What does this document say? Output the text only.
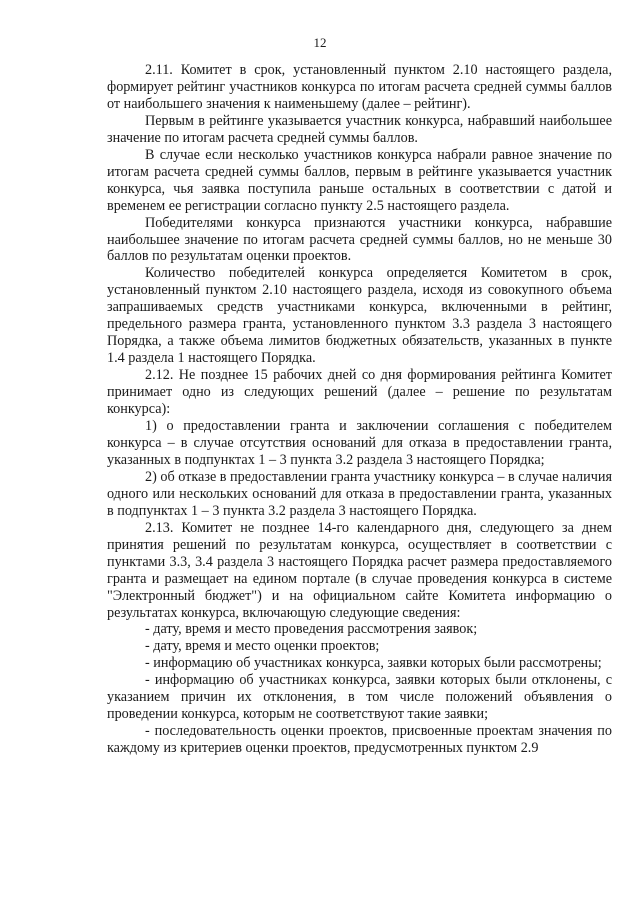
12

2.11. Комитет в срок, установленный пунктом 2.10 настоящего раздела, формирует рейтинг участников конкурса по итогам расчета средней суммы баллов от наибольшего значения к наименьшему (далее – рейтинг).

Первым в рейтинге указывается участник конкурса, набравший наибольшее значение по итогам расчета средней суммы баллов.

В случае если несколько участников конкурса набрали равное значение по итогам расчета средней суммы баллов, первым в рейтинге указывается участник конкурса, чья заявка поступила раньше остальных в соответствии с датой и временем ее регистрации согласно пункту 2.5 настоящего раздела.

Победителями конкурса признаются участники конкурса, набравшие наибольшее значение по итогам расчета средней суммы баллов, но не меньше 30 баллов по результатам оценки проектов.

Количество победителей конкурса определяется Комитетом в срок, установленный пунктом 2.10 настоящего раздела, исходя из совокупного объема запрашиваемых средств участниками конкурса, включенными в рейтинг, предельного размера гранта, установленного пунктом 3.3 раздела 3 настоящего Порядка, а также объема лимитов бюджетных обязательств, указанных в пункте 1.4 раздела 1 настоящего Порядка.

2.12. Не позднее 15 рабочих дней со дня формирования рейтинга Комитет принимает одно из следующих решений (далее – решение по результатам конкурса):

1) о предоставлении гранта и заключении соглашения с победителем конкурса – в случае отсутствия оснований для отказа в предоставлении гранта, указанных в подпунктах 1 – 3 пункта 3.2 раздела 3 настоящего Порядка;

2) об отказе в предоставлении гранта участнику конкурса – в случае наличия одного или нескольких оснований для отказа в предоставлении гранта, указанных в подпунктах 1 – 3 пункта 3.2 раздела 3 настоящего Порядка.

2.13. Комитет не позднее 14-го календарного дня, следующего за днем принятия решений по результатам конкурса, осуществляет в соответствии с пунктами 3.3, 3.4 раздела 3 настоящего Порядка расчет размера предоставляемого гранта и размещает на едином портале (в случае проведения конкурса в системе "Электронный бюджет") и на официальном сайте Комитета информацию о результатах конкурса, включающую следующие сведения:

- дату, время и место проведения рассмотрения заявок;

- дату, время и место оценки проектов;

- информацию об участниках конкурса, заявки которых были рассмотрены;

- информацию об участниках конкурса, заявки которых были отклонены, с указанием причин их отклонения, в том числе положений объявления о проведении конкурса, которым не соответствуют такие заявки;

- последовательность оценки проектов, присвоенные проектам значения по каждому из критериев оценки проектов, предусмотренных пунктом 2.9
